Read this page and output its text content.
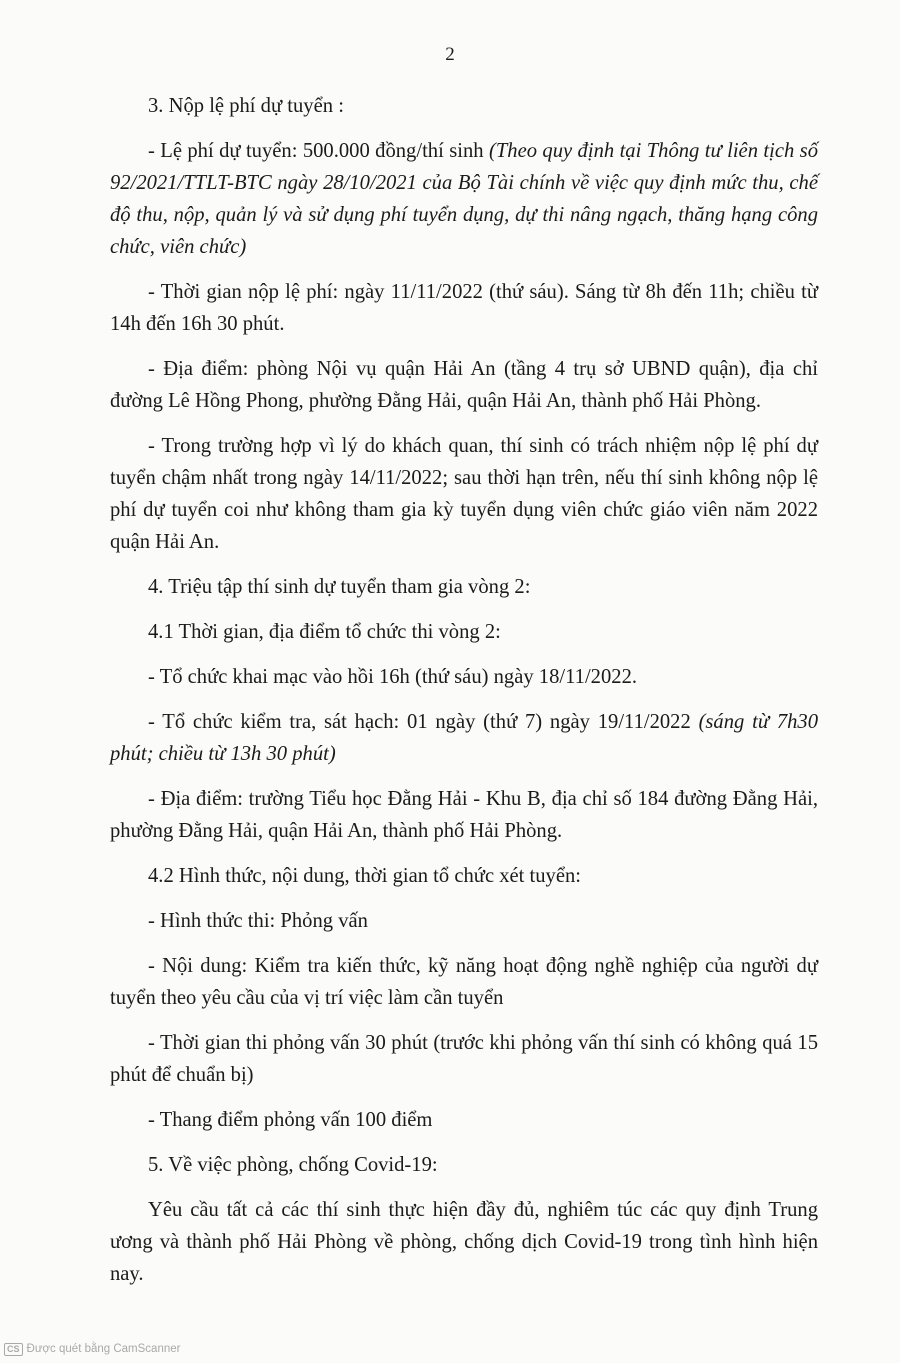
2

3. Nộp lệ phí dự tuyển :

- Lệ phí dự tuyển: 500.000 đồng/thí sinh (Theo quy định tại Thông tư liên tịch số 92/2021/TTLT-BTC ngày 28/10/2021 của Bộ Tài chính về việc quy định mức thu, chế độ thu, nộp, quản lý và sử dụng phí tuyển dụng, dự thi nâng ngạch, thăng hạng công chức, viên chức)

- Thời gian nộp lệ phí: ngày 11/11/2022 (thứ sáu). Sáng từ 8h đến 11h; chiều từ 14h đến 16h 30 phút.

- Địa điểm: phòng Nội vụ quận Hải An (tầng 4 trụ sở UBND quận), địa chỉ đường Lê Hồng Phong, phường Đằng Hải, quận Hải An, thành phố Hải Phòng.

- Trong trường hợp vì lý do khách quan, thí sinh có trách nhiệm nộp lệ phí dự tuyển chậm nhất trong ngày 14/11/2022; sau thời hạn trên, nếu thí sinh không nộp lệ phí dự tuyển coi như không tham gia kỳ tuyển dụng viên chức giáo viên năm 2022 quận Hải An.

4. Triệu tập thí sinh dự tuyển tham gia vòng 2:

4.1 Thời gian, địa điểm tổ chức thi vòng 2:

- Tổ chức khai mạc vào hồi 16h (thứ sáu) ngày 18/11/2022.

- Tổ chức kiểm tra, sát hạch: 01 ngày (thứ 7) ngày 19/11/2022 (sáng từ 7h30 phút; chiều từ 13h 30 phút)

- Địa điểm: trường Tiểu học Đằng Hải - Khu B, địa chỉ số 184 đường Đằng Hải, phường Đằng Hải, quận Hải An, thành phố Hải Phòng.

4.2 Hình thức, nội dung, thời gian tổ chức xét tuyển:

- Hình thức thi: Phỏng vấn

- Nội dung: Kiểm tra kiến thức, kỹ năng hoạt động nghề nghiệp của người dự tuyển theo yêu cầu của vị trí việc làm cần tuyển

- Thời gian thi phỏng vấn 30 phút (trước khi phỏng vấn thí sinh có không quá 15 phút để chuẩn bị)

- Thang điểm phỏng vấn 100 điểm

5. Về việc phòng, chống Covid-19:

Yêu cầu tất cả các thí sinh thực hiện đầy đủ, nghiêm túc các quy định Trung ương và thành phố Hải Phòng về phòng, chống dịch Covid-19 trong tình hình hiện nay.

CS Được quét bằng CamScanner
